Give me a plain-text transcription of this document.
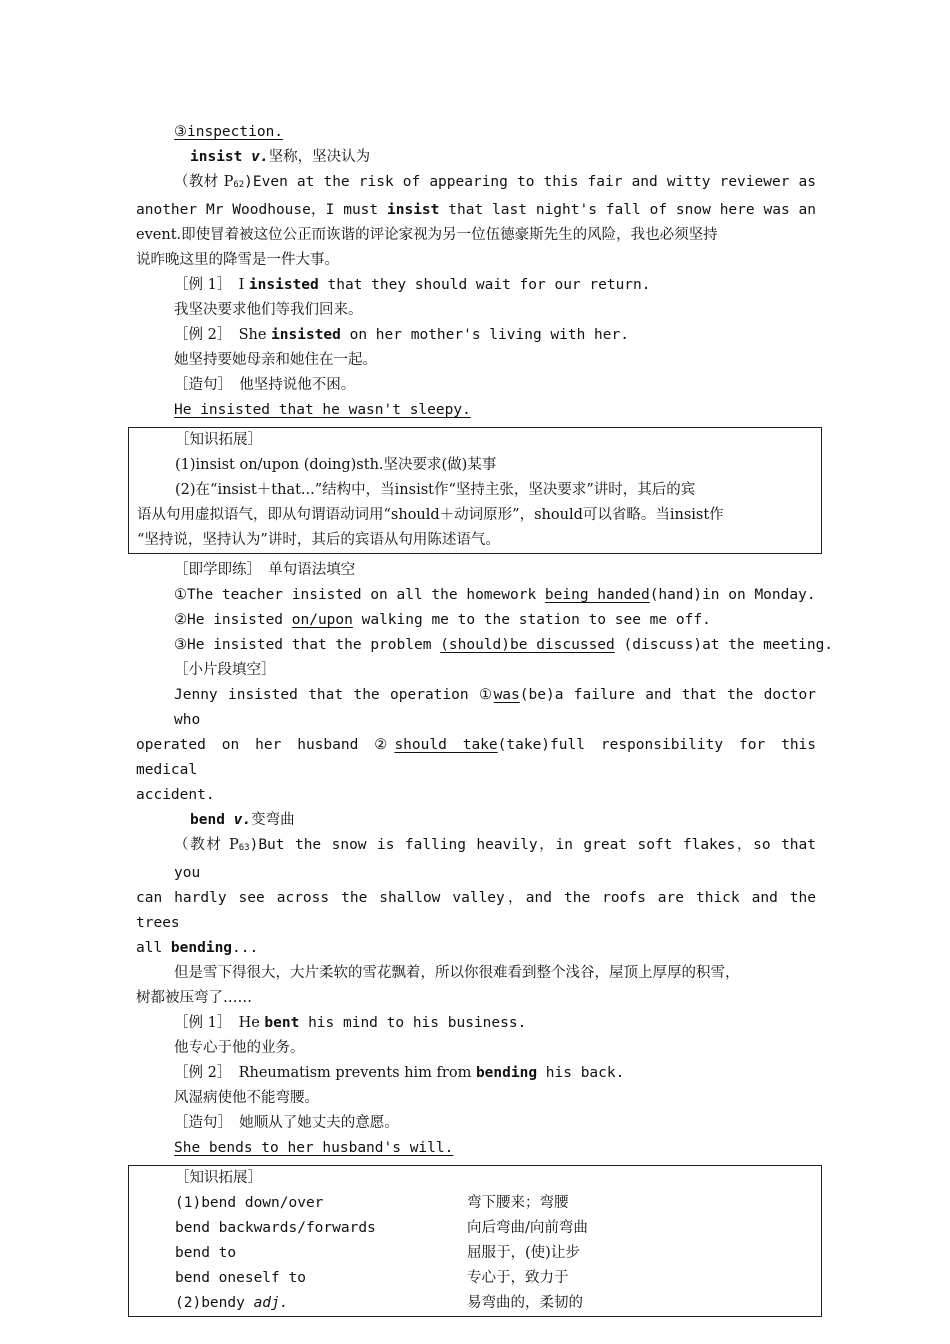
③inspection.
insist v.坚称，坚决认为
（教材 $P_{62})Even$ at the risk of appearing to this fair and witty reviewer as
another Mr Woodhouse，I must insist that last night's fall of snow here was an
event.即使冒着被这位公正而诙谐的评论家视为另一位伍德豪斯先生的风险，我也必须坚持
说昨晚这里的降雪是一件大事。
［例 1］　I insisted that they should wait for our return.
我坚决要求他们等我们回来。
［例 2］　She insisted on her mother's living with her.
她坚持要她母亲和她住在一起。
［造句］　他坚持说他不困。
He insisted that he wasn't sleepy.
［知识拓展］
(1)insist on/upon (doing)sth.坚决要求(做)某事
(2)在“insist＋that...”结构中，当insist作“坚持主张，坚决要求”讲时，其后的宾
语从句用虚拟语气，即从句谓语动词用“should＋动词原形”，should可以省略。当insist作
“坚持说，坚持认为”讲时，其后的宾语从句用陈述语气。
［即学即练］　单句语法填空
①The teacher insisted on all the homework being handed(hand)in on Monday.
②He insisted on/upon walking me to the station to see me off.
③He insisted that the problem (should)be discussed (discuss)at the meeting.
［小片段填空］
Jenny insisted that the operation ①was(be)a failure and that the doctor who
operated on her husband ②should take(take)full responsibility for this medical
accident.
bend v.变弯曲
（教材 $P_{63})But$ the snow is falling heavily，in great soft flakes，so that you
can hardly see across the shallow valley，and the roofs are thick and the trees
all bending...
但是雪下得很大，大片柔软的雪花飘着，所以你很难看到整个浅谷，屋顶上厚厚的积雪，
树都被压弯了……
［例 1］　He bent his mind to his business.
他专心于他的业务。
［例 2］　Rheumatism prevents him from bending his back.
风湿病使他不能弯腰。
［造句］　她顺从了她丈夫的意愿。
She bends to her husband's will.
［知识拓展］
(1)bend down/over	弯下腰来；弯腰
bend backwards/forwards	向后弯曲/向前弯曲
bend to	屈服于，(使)让步
bend oneself to	专心于，致力于
(2)bendy adj.	易弯曲的，柔韧的
